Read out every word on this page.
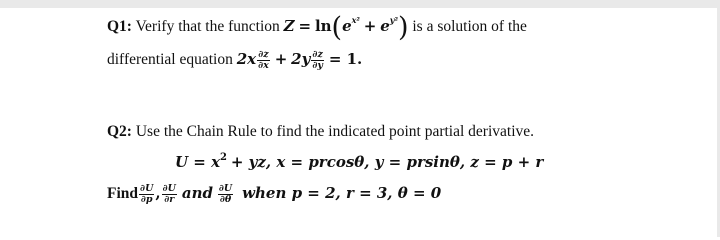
Q1: Verify that the function $Z = \ln(e^{x^2} + e^{y^2})$ is a solution of the
differential equation $2x \frac{\partial z}{\partial x} + 2y \frac{\partial z}{\partial y} = 1$.
Q2: Use the Chain Rule to find the indicated point partial derivative.
$U = x^2$ + yz, x = prcosθ, y = prsinθ, z = p + r
Find $\frac{\partial U}{\partial p}$ , $\frac{\partial U}{\partial r}$ and $\frac{\partial U}{\partial\theta}$ when p = 2, r = 3, θ = 0
